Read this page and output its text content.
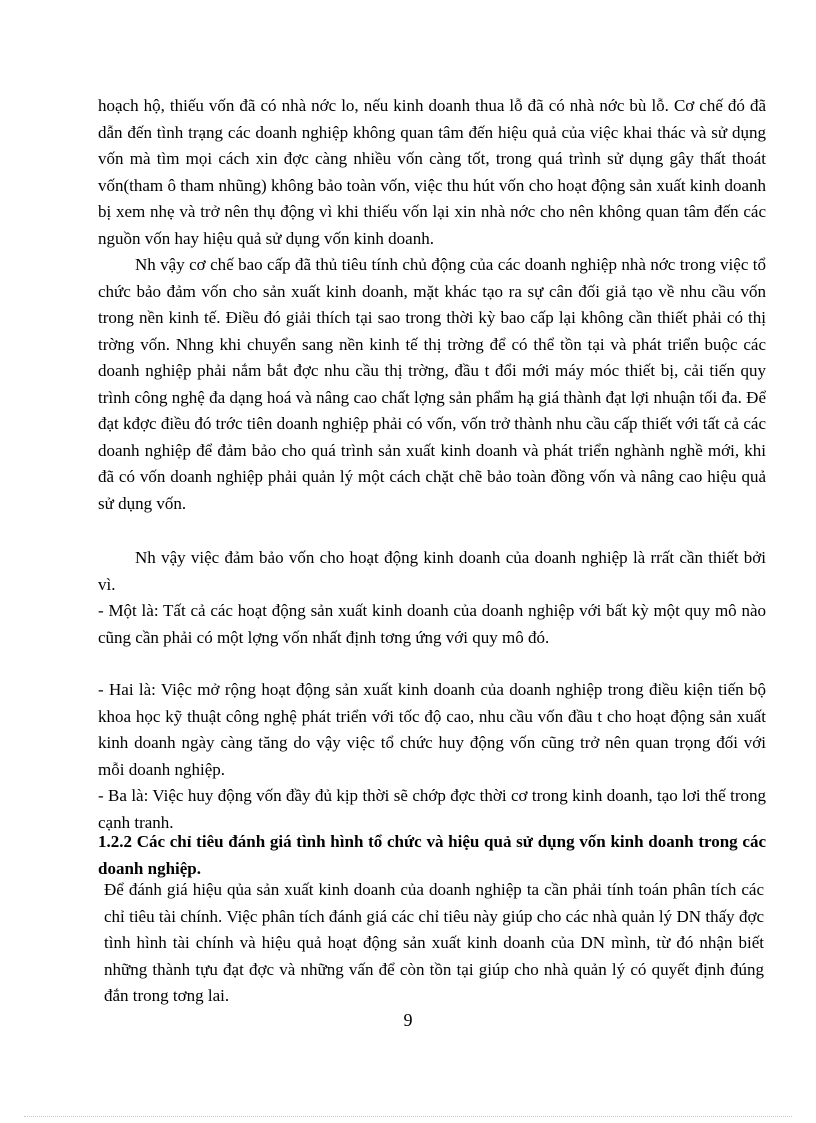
hoạch hộ, thiếu vốn đã có nhà nớc lo, nếu kinh doanh thua lỗ đã có nhà nớc bù lỗ. Cơ chế đó đã dẫn đến tình trạng các doanh nghiệp không quan tâm đến hiệu quả của việc khai thác và sử dụng vốn mà tìm mọi cách xin đợc càng nhiều vốn càng tốt, trong quá trình sử dụng gây thất thoát vốn(tham ô tham nhũng) không bảo toàn vốn, việc thu hút vốn cho hoạt động sản xuất kinh doanh bị xem nhẹ và trở nên thụ động vì khi thiếu vốn lại xin nhà nớc cho nên không quan tâm đến các nguồn vốn hay hiệu quả sử dụng vốn kinh doanh.

Nh vậy cơ chế bao cấp đã thủ tiêu tính chủ động của các doanh nghiệp nhà nớc trong việc tổ chức bảo đảm vốn cho sản xuất kinh doanh, mặt khác tạo ra sự cân đối giả tạo về nhu cầu vốn trong nền kinh tế. Điều đó giải thích tại sao trong thời kỳ bao cấp lại không cần thiết phải có thị trờng vốn. Nhng khi chuyển sang nền kinh tế thị trờng để có thể tồn tại và phát triển buộc các doanh nghiệp phải nắm bắt đợc nhu cầu thị trờng, đầu t đổi mới máy móc thiết bị, cải tiến quy trình công nghệ đa dạng hoá và nâng cao chất lợng sản phẩm hạ giá thành đạt lợi nhuận tối đa. Để đạt kđợc điều đó trớc tiên doanh nghiệp phải có vốn, vốn trở thành nhu cầu cấp thiết với tất cả các doanh nghiệp để đảm bảo cho quá trình sản xuất kinh doanh và phát triển nghành nghề mới, khi đã có vốn doanh nghiệp phải quản lý một cách chặt chẽ bảo toàn đồng vốn và nâng cao hiệu quả sử dụng vốn.

Nh vậy việc đảm bảo vốn cho hoạt động kinh doanh của doanh nghiệp là rrất cần thiết bởi vì.

- Một là: Tất cả các hoạt động sản xuất kinh doanh của doanh nghiệp với bất kỳ một quy mô nào cũng cần phải có một lợng vốn nhất định tơng ứng với quy mô đó.

- Hai là: Việc mở rộng hoạt động sản xuất kinh doanh của doanh nghiệp trong điều kiện tiến bộ khoa học kỹ thuật công nghệ phát triển với tốc độ cao, nhu cầu vốn đầu t cho hoạt động sản xuất kinh doanh ngày càng tăng do vậy việc tổ chức huy động vốn cũng trở nên quan trọng đối với mỗi doanh nghiệp.

- Ba là: Việc huy động vốn đầy đủ kịp thời sẽ chớp đợc thời cơ trong kinh doanh, tạo lơi thế trong cạnh tranh.

1.2.2 Các chỉ tiêu đánh giá tình hình tổ chức và hiệu quả sử dụng vốn kinh doanh trong các doanh nghiệp.

Để đánh giá hiệu qủa sản xuất kinh doanh của doanh nghiệp ta cần phải tính toán phân tích các chỉ tiêu tài chính. Việc phân tích đánh giá các chỉ tiêu này giúp cho các nhà quản lý DN thấy đợc tình hình tài chính và hiệu quả hoạt động sản xuất kinh doanh của DN mình, từ đó nhận biết những thành tựu đạt đợc và những vấn để còn tồn tại giúp cho nhà quản lý có quyết định đúng đắn trong tơng lai.

9
